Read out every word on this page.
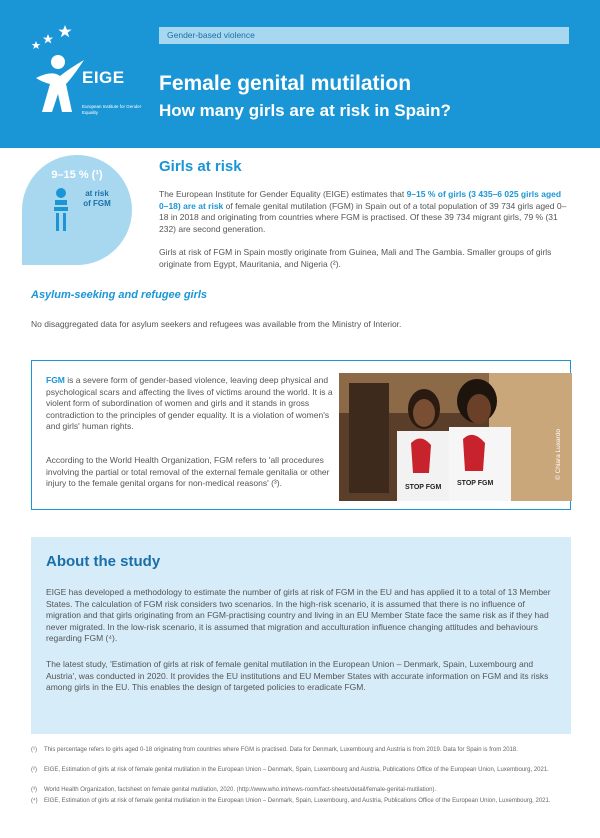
Gender-based violence
EIGE
European Institute for Gender Equality
Female genital mutilation
How many girls are at risk in Spain?
9–15 % (¹)
at risk
of FGM
Girls at risk
The European Institute for Gender Equality (EIGE) estimates that 9–15 % of girls (3 435–6 025 girls aged 0–18) are at risk of female genital mutilation (FGM) in Spain out of a total population of 39 734 girls aged 0–18 in 2018 and originating from countries where FGM is practised. Of these 39 734 migrant girls, 79 % (31 232) are second generation.
Girls at risk of FGM in Spain mostly originate from Guinea, Mali and The Gambia. Smaller groups of girls originate from Egypt, Mauritania, and Nigeria (²).
Asylum-seeking and refugee girls
No disaggregated data for asylum seekers and refugees was available from the Ministry of Interior.
FGM is a severe form of gender-based violence, leaving deep physical and psychological scars and affecting the lives of victims around the world. It is a violent form of subordination of women and girls and it stands in gross contradiction to the principles of gender equality. It is a violation of women's and girls' human rights.
According to the World Health Organization, FGM refers to 'all procedures involving the partial or total removal of the external female genitalia or other injury to the female genital organs for non-medical reasons' (³).	STOP FGM
STOP FGM
© Chiara Luxardo
About the study
EIGE has developed a methodology to estimate the number of girls at risk of FGM in the EU and has applied it to a total of 13 Member States. The calculation of FGM risk considers two scenarios. In the high-risk scenario, it is assumed that there is no influence of migration and that girls originating from an FGM-practising country and living in an EU Member State face the same risk as if they had never migrated. In the low-risk scenario, it is assumed that migration and acculturation influence changing attitudes and behaviours regarding FGM (⁴).
The latest study, 'Estimation of girls at risk of female genital mutilation in the European Union – Denmark, Spain, Luxembourg and Austria', was conducted in 2020. It provides the EU institutions and EU Member States with accurate information on FGM and its risks among girls in the EU. This enables the design of targeted policies to eradicate FGM.
(¹) This percentage refers to girls aged 0-18 originating from countries where FGM is practised. Data for Denmark, Luxembourg and Austria is from 2019. Data for Spain is from 2018.
(²) EIGE, Estimation of girls at risk of female genital mutilation in the European Union – Denmark, Spain, Luxembourg and Austria, Publications Office of the European Union, Luxembourg, 2021.
(³) World Health Organization, factsheet on female genital mutilation, 2020. (http://www.who.int/news-room/fact-sheets/detail/female-genital-mutilation).
(⁴) EIGE, Estimation of girls at risk of female genital mutilation in the European Union – Denmark, Spain, Luxembourg, and Austria, Publications Office of the European Union, Luxembourg, 2021.
